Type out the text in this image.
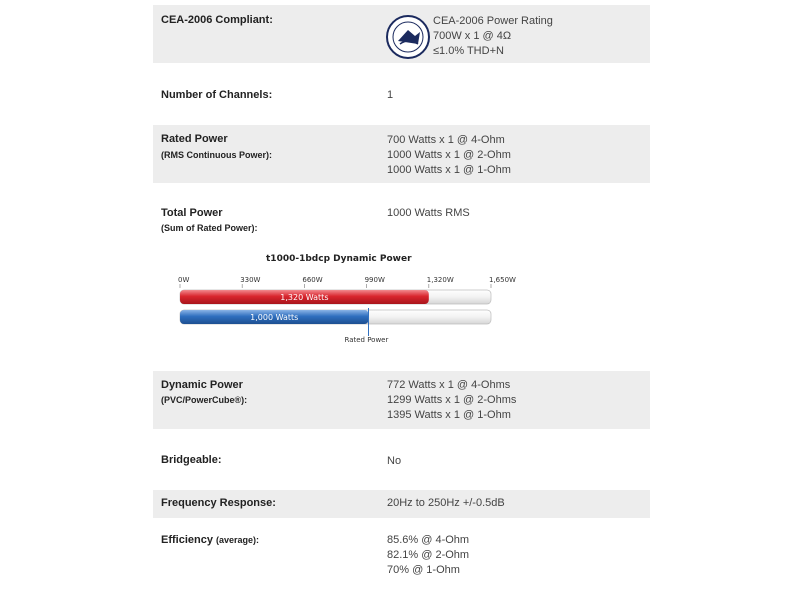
CEA-2006 Compliant:	CEA-2006 Power Rating
700W x 1 @ 4Ω
≤1.0% THD+N
Number of Channels:	1
Rated Power
(RMS Continuous Power):
700 Watts x 1 @ 4-Ohm
1000 Watts x 1 @ 2-Ohm
1000 Watts x 1 @ 1-Ohm
Total Power
(Sum of Rated Power):
1000 Watts RMS
Dynamic Power
(PVC/PowerCube®):
772 Watts x 1 @ 4-Ohms
1299 Watts x 1 @ 2-Ohms
1395 Watts x 1 @ 1-Ohm
Bridgeable:	No
Frequency Response:	20Hz to 250Hz +/-0.5dB
Efficiency (average):	85.6% @ 4-Ohm
82.1% @ 2-Ohm
70% @ 1-Ohm
t1000-1bdcp Dynamic Power
0W	330W	660W	990W	1,320W	1,650W
1,320 Watts
1,000 Watts
Rated Power
